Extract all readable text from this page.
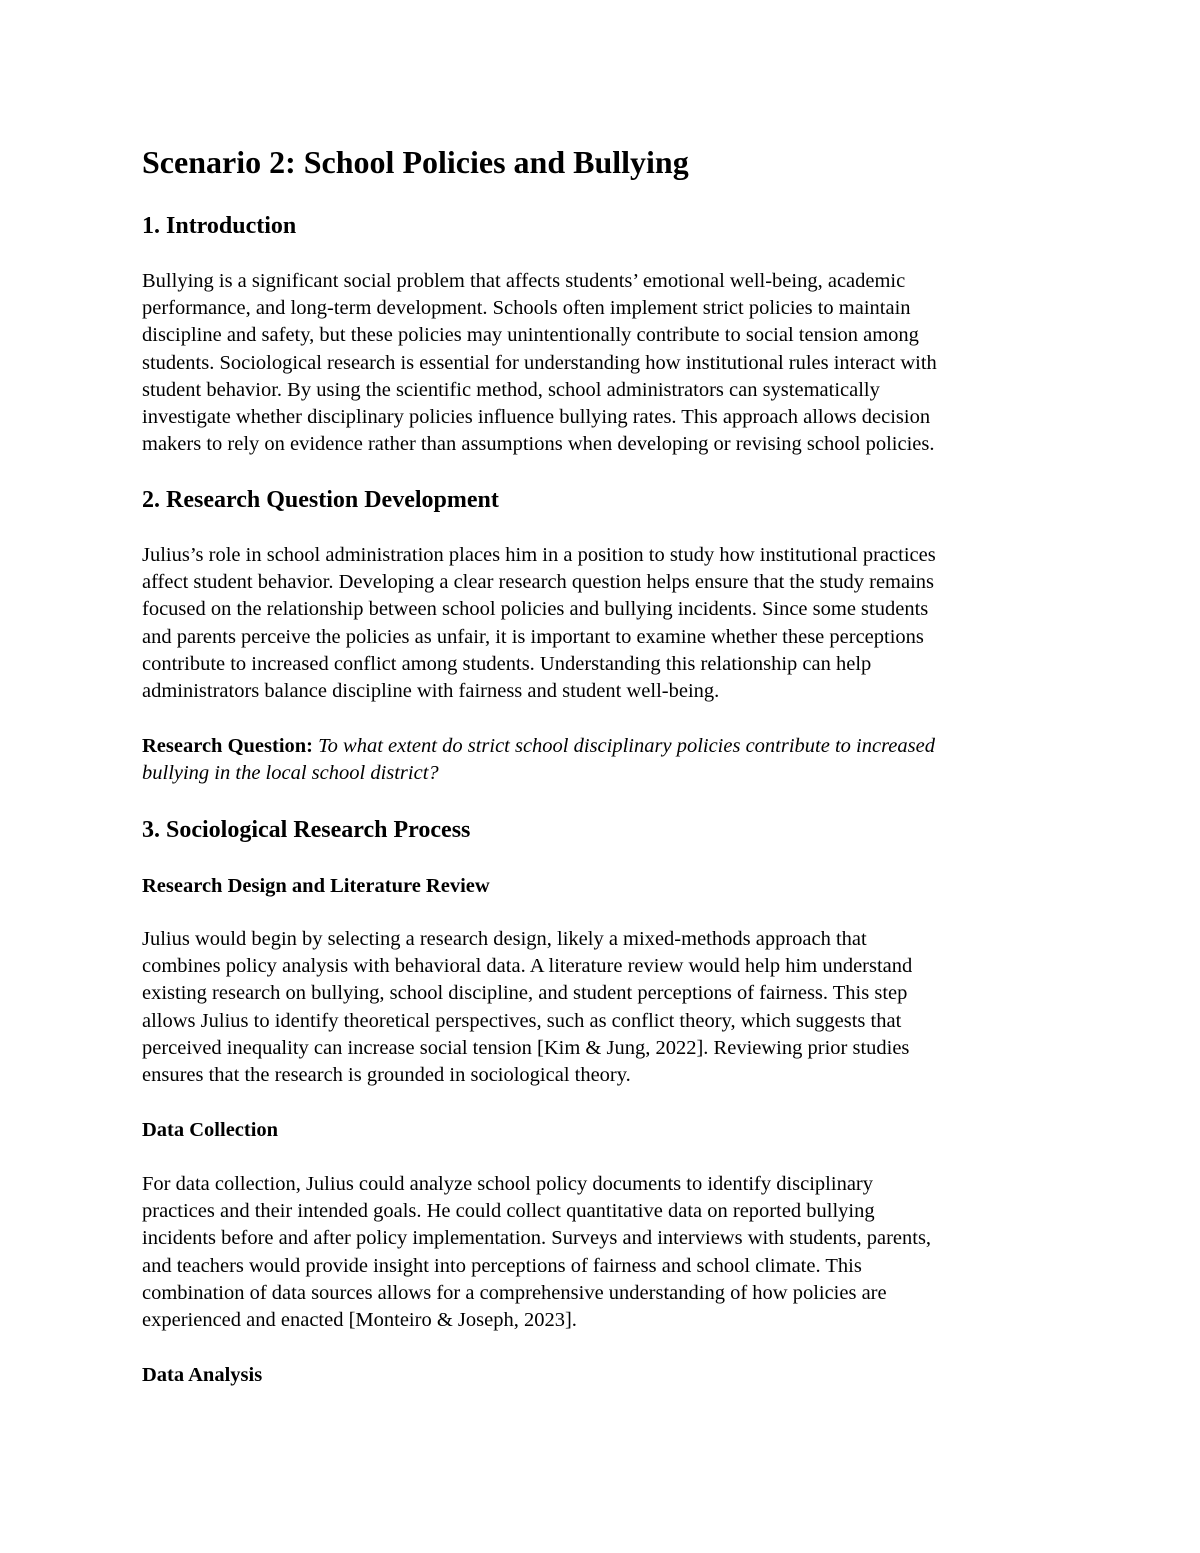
Scenario 2: School Policies and Bullying
1. Introduction

Bullying is a significant social problem that affects students’ emotional well-being, academic
performance, and long-term development. Schools often implement strict policies to maintain
discipline and safety, but these policies may unintentionally contribute to social tension among
students. Sociological research is essential for understanding how institutional rules interact with
student behavior. By using the scientific method, school administrators can systematically
investigate whether disciplinary policies influence bullying rates. This approach allows decision
makers to rely on evidence rather than assumptions when developing or revising school policies.

2. Research Question Development

Julius’s role in school administration places him in a position to study how institutional practices
affect student behavior. Developing a clear research question helps ensure that the study remains
focused on the relationship between school policies and bullying incidents. Since some students
and parents perceive the policies as unfair, it is important to examine whether these perceptions
contribute to increased conflict among students. Understanding this relationship can help
administrators balance discipline with fairness and student well-being.

Research Question: To what extent do strict school disciplinary policies contribute to increased
bullying in the local school district?

3. Sociological Research Process
Research Design and Literature Review

Julius would begin by selecting a research design, likely a mixed-methods approach that
combines policy analysis with behavioral data. A literature review would help him understand
existing research on bullying, school discipline, and student perceptions of fairness. This step
allows Julius to identify theoretical perspectives, such as conflict theory, which suggests that
perceived inequality can increase social tension [Kim & Jung, 2022]. Reviewing prior studies
ensures that the research is grounded in sociological theory.

Data Collection

For data collection, Julius could analyze school policy documents to identify disciplinary
practices and their intended goals. He could collect quantitative data on reported bullying
incidents before and after policy implementation. Surveys and interviews with students, parents,
and teachers would provide insight into perceptions of fairness and school climate. This
combination of data sources allows for a comprehensive understanding of how policies are
experienced and enacted [Monteiro & Joseph, 2023].

Data Analysis
